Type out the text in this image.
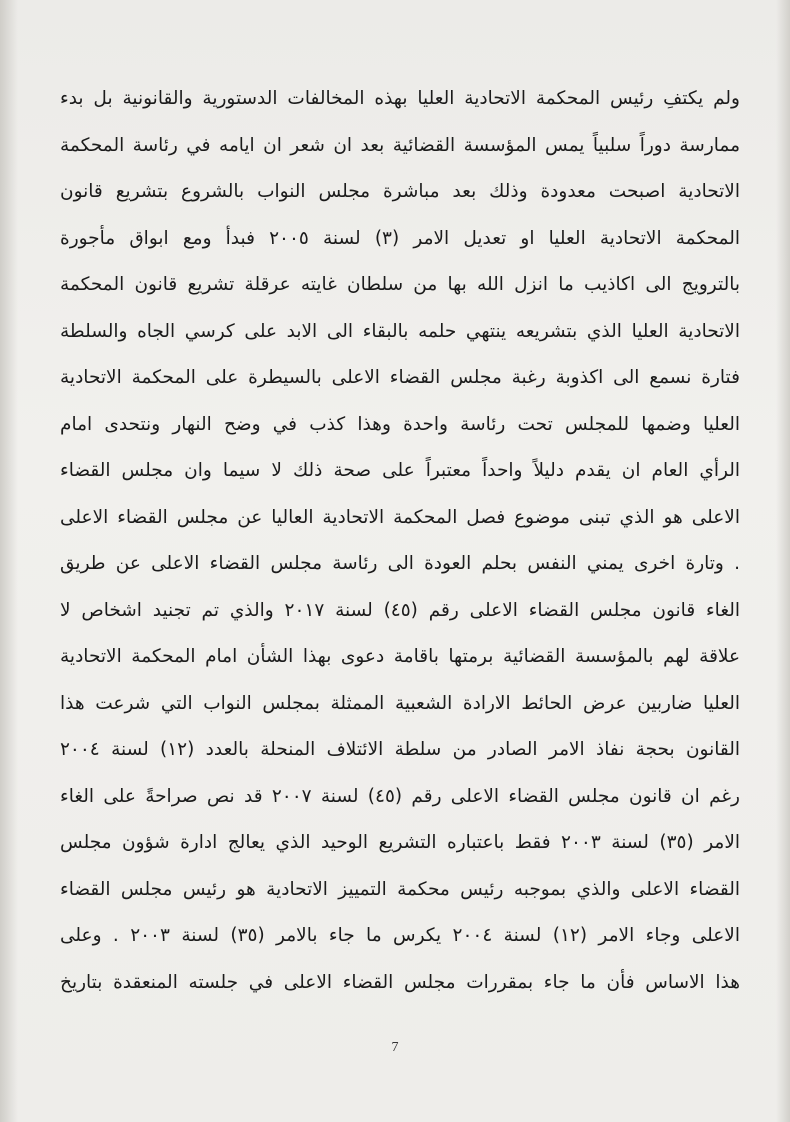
ولم يكتفِ رئيس المحكمة الاتحادية العليا بهذه المخالفات الدستورية والقانونية بل بدء
ممارسة دوراً سلبياً يمس المؤسسة القضائية بعد ان شعر ان ايامه في رئاسة المحكمة
الاتحادية اصبحت معدودة وذلك بعد مباشرة مجلس النواب بالشروع بتشريع قانون
المحكمة الاتحادية العليا او تعديل الامر (٣) لسنة ٢٠٠٥ فبدأ ومع ابواق مأجورة
بالترويج الى اكاذيب ما انزل الله بها من سلطان غايته عرقلة تشريع قانون المحكمة
الاتحادية العليا الذي بتشريعه ينتهي حلمه بالبقاء الى الابد على كرسي الجاه والسلطة
فتارة نسمع الى اكذوبة رغبة مجلس القضاء الاعلى بالسيطرة على المحكمة الاتحادية
العليا وضمها للمجلس تحت رئاسة واحدة وهذا كذب في وضح النهار ونتحدى امام
الرأي العام ان يقدم دليلاً واحداً معتبراً على صحة ذلك لا سيما وان مجلس القضاء
الاعلى هو الذي تبنى موضوع فصل المحكمة الاتحادية العاليا عن مجلس القضاء الاعلى
. وتارة اخرى يمني النفس بحلم العودة الى رئاسة مجلس القضاء الاعلى عن طريق
الغاء قانون مجلس القضاء الاعلى رقم (٤٥) لسنة ٢٠١٧ والذي تم تجنيد اشخاص لا
علاقة لهم بالمؤسسة القضائية برمتها باقامة دعوى بهذا الشأن امام المحكمة الاتحادية
العليا ضاربين عرض الحائط الارادة الشعبية الممثلة بمجلس النواب التي شرعت هذا
القانون بحجة نفاذ الامر الصادر من سلطة الائتلاف المنحلة بالعدد (١٢) لسنة ٢٠٠٤
رغم ان قانون مجلس القضاء الاعلى رقم (٤٥) لسنة ٢٠٠٧ قد نص صراحةً على الغاء
الامر (٣٥) لسنة ٢٠٠٣ فقط باعتباره التشريع الوحيد الذي يعالج ادارة شؤون مجلس
القضاء الاعلى والذي بموجبه رئيس محكمة التمييز الاتحادية هو رئيس مجلس القضاء
الاعلى وجاء الامر (١٢) لسنة ٢٠٠٤ يكرس ما جاء بالامر (٣٥) لسنة ٢٠٠٣ . وعلى
هذا الاساس فأن ما جاء بمقررات مجلس القضاء الاعلى في جلسته المنعقدة بتاريخ
7
